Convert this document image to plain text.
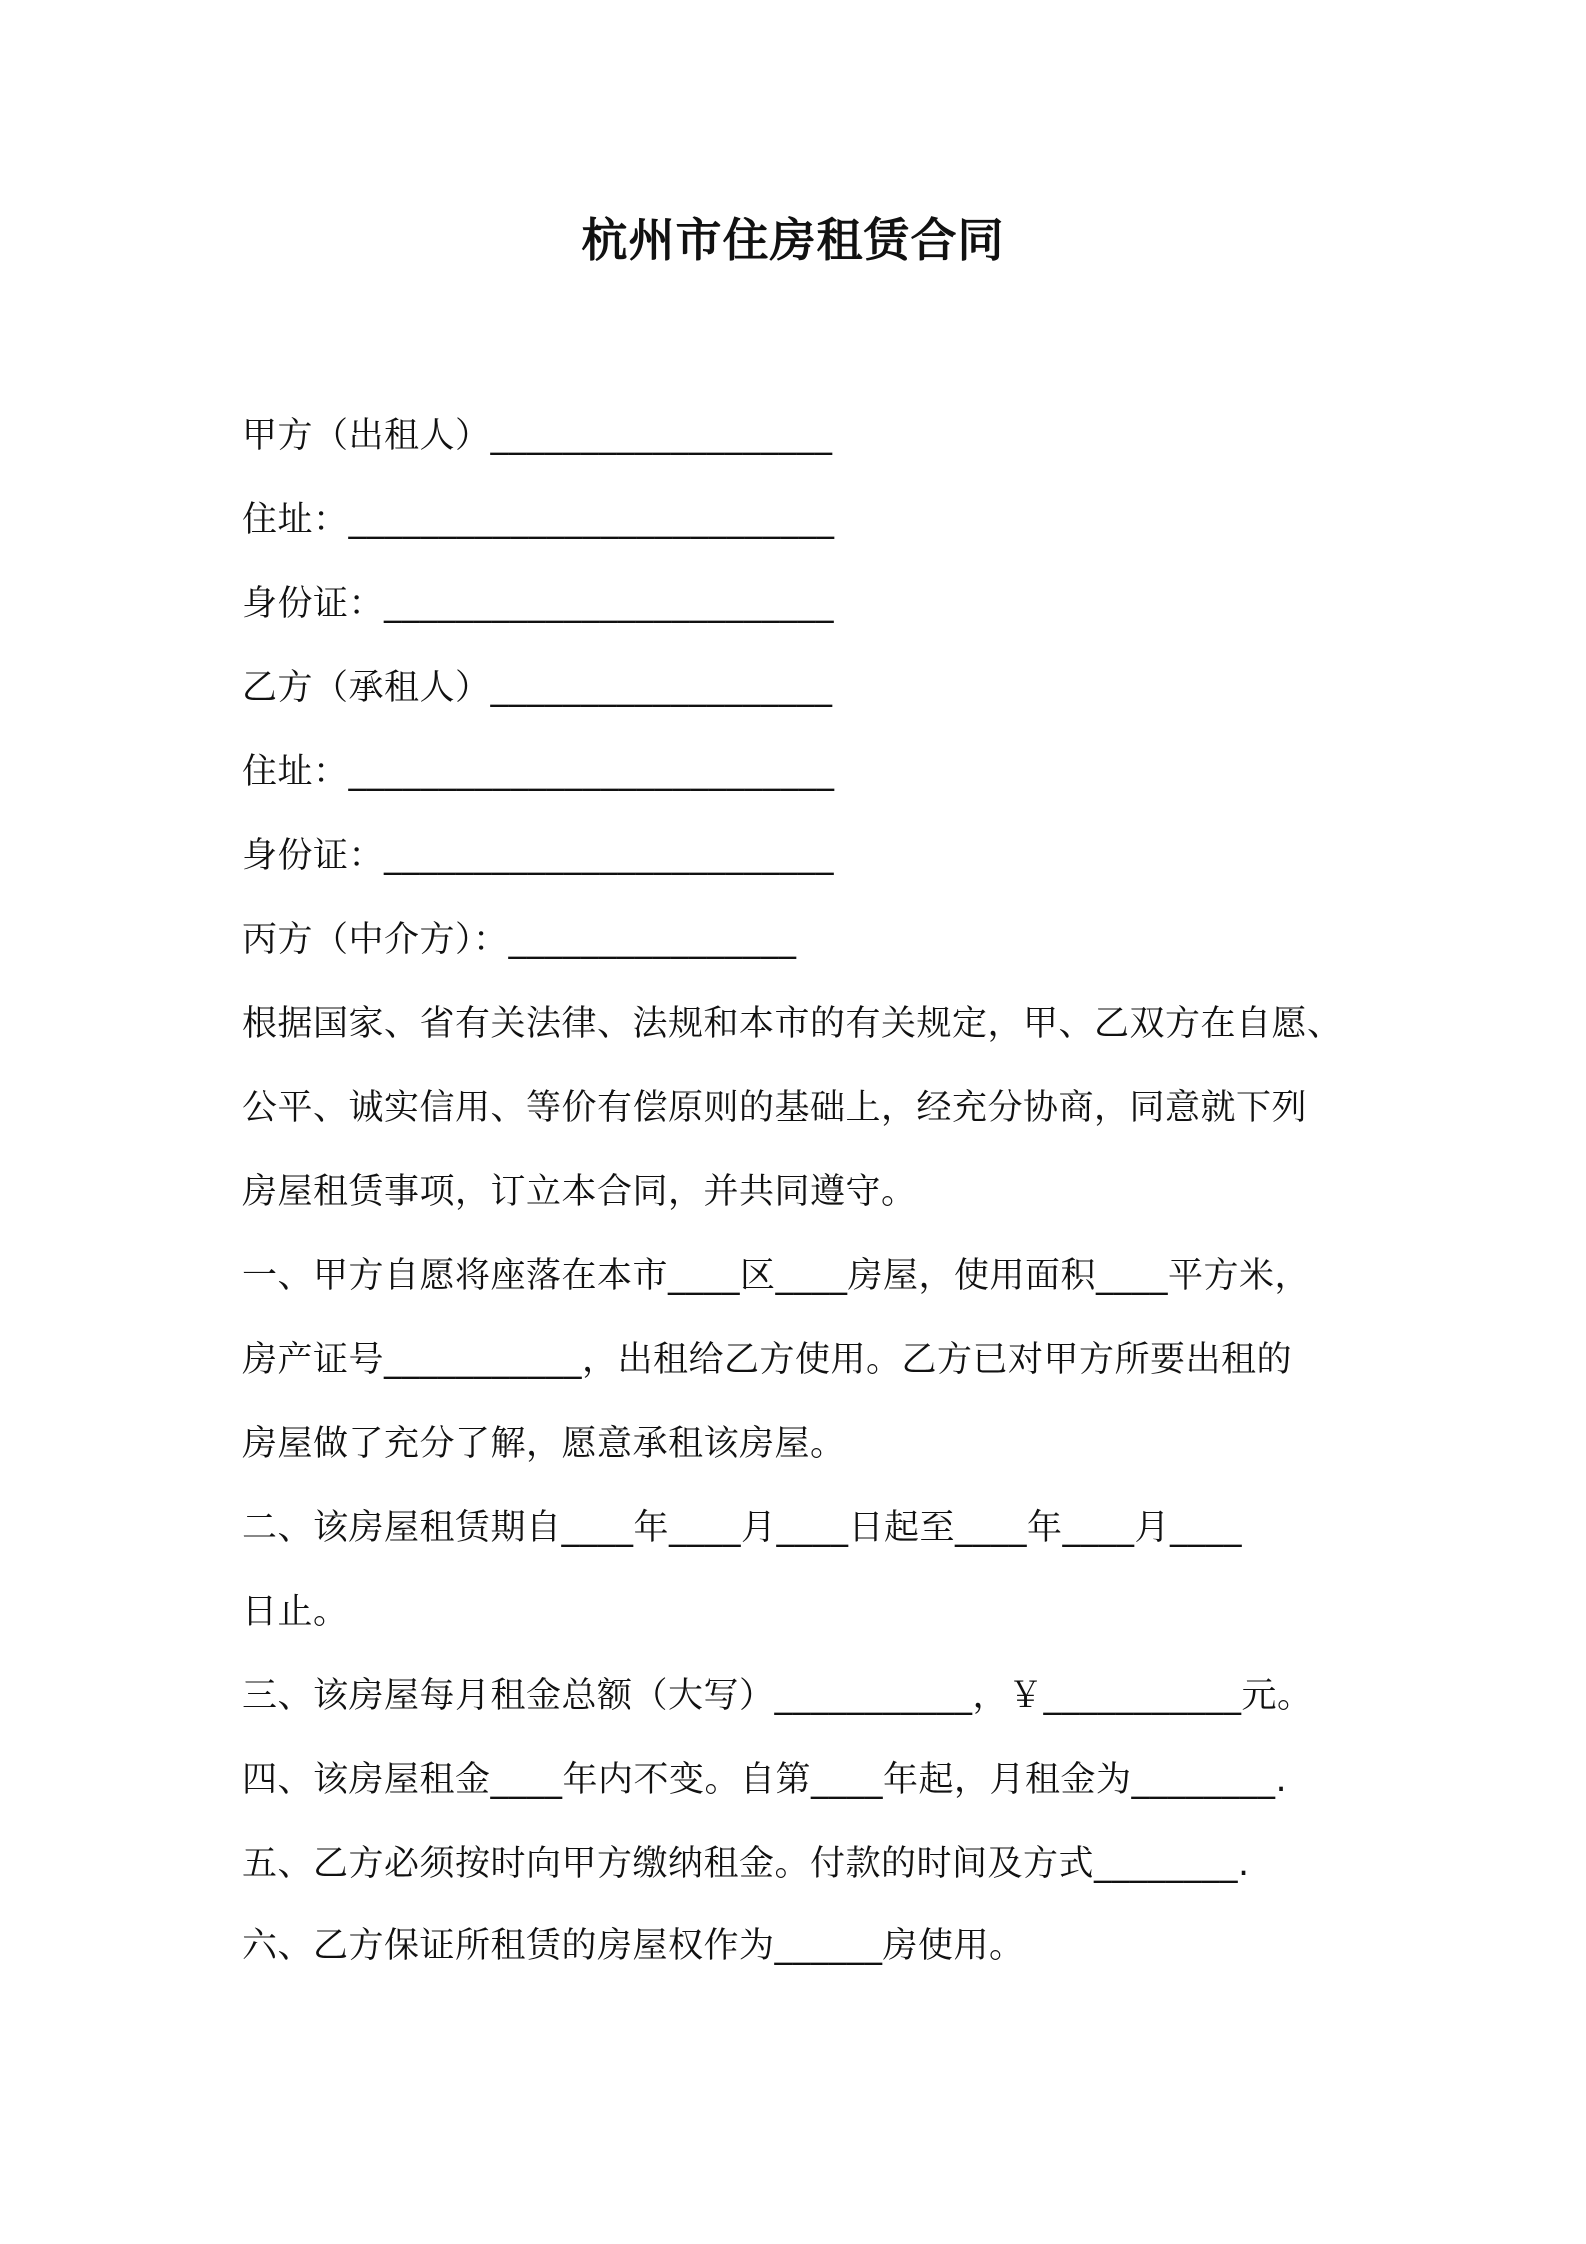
杭州市住房租赁合同
甲方（出租人）___________________
住址：___________________________
身份证：_________________________
乙方（承租人）___________________
住址：___________________________
身份证：_________________________
丙方（中介方）：________________
根据国家、省有关法律、法规和本市的有关规定，甲、乙双方在自愿、
公平、诚实信用、等价有偿原则的基础上，经充分协商，同意就下列
房屋租赁事项，订立本合同，并共同遵守。
一、甲方自愿将座落在本市____区____房屋，使用面积____平方米，
房产证号___________，出租给乙方使用。乙方已对甲方所要出租的
房屋做了充分了解，愿意承租该房屋。
二、该房屋租赁期自____年____月____日起至____年____月____
日止。
三、该房屋每月租金总额（大写）___________，￥___________元。
四、该房屋租金____年内不变。自第____年起，月租金为________.
五、乙方必须按时向甲方缴纳租金。付款的时间及方式________.
六、乙方保证所租赁的房屋权作为______房使用。
